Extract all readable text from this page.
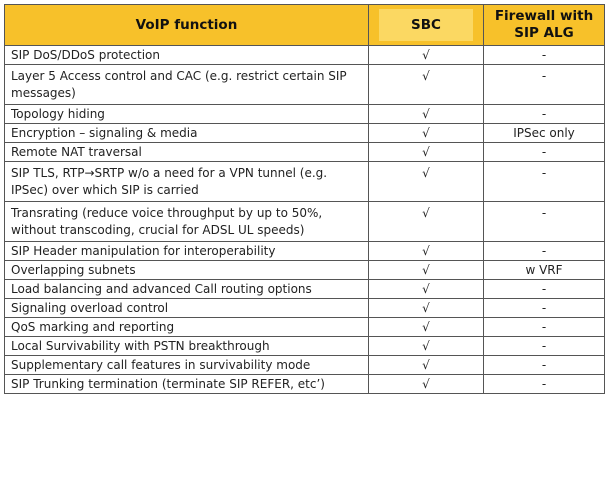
VoIP function	SBC	Firewall with
SIP ALG

SIP DoS/DDoS protection	√	-
Layer 5 Access control and CAC (e.g. restrict certain SIP messages)	√	-
Topology hiding	√	-
Encryption – signaling & media	√	IPSec only
Remote NAT traversal	√	-
SIP TLS, RTP→SRTP w/o a need for a VPN tunnel (e.g. IPSec) over which SIP is carried	√	-
Transrating (reduce voice throughput by up to 50%, without transcoding, crucial for ADSL UL speeds)	√	-
SIP Header manipulation for interoperability	√	-
Overlapping subnets	√	w VRF
Load balancing and advanced Call routing options	√	-
Signaling overload control	√	-
QoS marking and reporting	√	-
Local Survivability with PSTN breakthrough	√	-
Supplementary call features in survivability mode	√	-
SIP Trunking termination (terminate SIP REFER, etc’)	√	-
